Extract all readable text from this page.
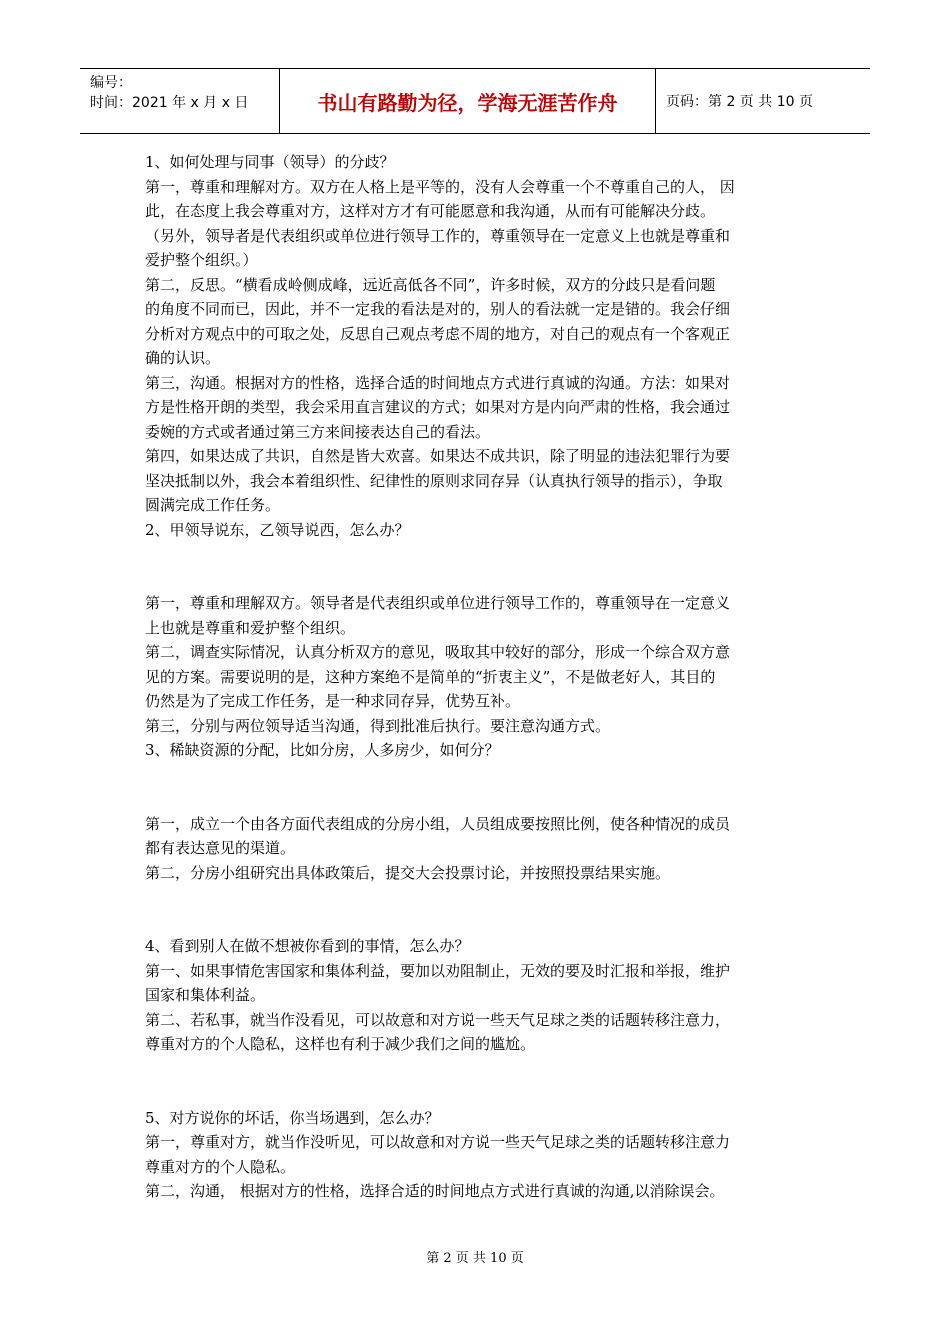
编号：
时间：2021 年 x 月 x 日	书山有路勤为径，学海无涯苦作舟	页码：第 2 页 共 10 页

1、如何处理与同事（领导）的分歧？

第一，尊重和理解对方。双方在人格上是平等的，没有人会尊重一个不尊重自己的人， 因

此，在态度上我会尊重对方，这样对方才有可能愿意和我沟通，从而有可能解决分歧。

（另外，领导者是代表组织或单位进行领导工作的，尊重领导在一定意义上也就是尊重和

爱护整个组织。）

第二，反思。“横看成岭侧成峰，远近高低各不同”，许多时候，双方的分歧只是看问题

的角度不同而已，因此，并不一定我的看法是对的，别人的看法就一定是错的。我会仔细

分析对方观点中的可取之处，反思自己观点考虑不周的地方，对自己的观点有一个客观正

确的认识。

第三，沟通。根据对方的性格，选择合适的时间地点方式进行真诚的沟通。方法：如果对

方是性格开朗的类型，我会采用直言建议的方式；如果对方是内向严肃的性格，我会通过

委婉的方式或者通过第三方来间接表达自己的看法。

第四，如果达成了共识，自然是皆大欢喜。如果达不成共识，除了明显的违法犯罪行为要

坚决抵制以外，我会本着组织性、纪律性的原则求同存异（认真执行领导的指示），争取

圆满完成工作任务。

2、甲领导说东，乙领导说西，怎么办？

第一，尊重和理解双方。领导者是代表组织或单位进行领导工作的，尊重领导在一定意义

上也就是尊重和爱护整个组织。

第二，调查实际情况，认真分析双方的意见，吸取其中较好的部分，形成一个综合双方意

见的方案。需要说明的是，这种方案绝不是简单的“折衷主义”，不是做老好人，其目的

仍然是为了完成工作任务，是一种求同存异，优势互补。

第三，分别与两位领导适当沟通，得到批准后执行。要注意沟通方式。

3、稀缺资源的分配，比如分房，人多房少，如何分？

第一，成立一个由各方面代表组成的分房小组，人员组成要按照比例，使各种情况的成员

都有表达意见的渠道。

第二，分房小组研究出具体政策后，提交大会投票讨论，并按照投票结果实施。

4、看到别人在做不想被你看到的事情，怎么办？

第一、如果事情危害国家和集体利益，要加以劝阻制止，无效的要及时汇报和举报，维护

国家和集体利益。

第二、若私事，就当作没看见，可以故意和对方说一些天气足球之类的话题转移注意力，

尊重对方的个人隐私，这样也有利于减少我们之间的尴尬。

5、对方说你的坏话，你当场遇到，怎么办？

第一，尊重对方，就当作没听见，可以故意和对方说一些天气足球之类的话题转移注意力

尊重对方的个人隐私。

第二，沟通， 根据对方的性格，选择合适的时间地点方式进行真诚的沟通,以消除误会。

第 2 页 共 10 页
